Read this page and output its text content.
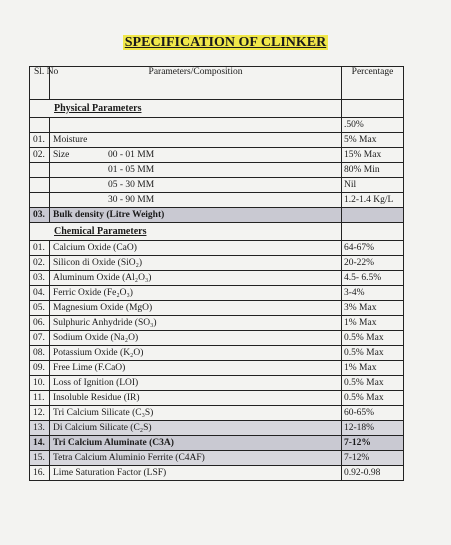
SPECIFICATION OF CLINKER
Sl. No	Parameters/Composition	Percentage
Physical Parameters		
		.50%
01.	Moisture	5% Max
02.	Size 00 - 01 MM	15% Max
	01 - 05 MM	80% Min
	05 - 30 MM	Nil
	30 - 90 MM	1.2-1.4 Kg/L
03.	Bulk density (Litre Weight)	
Chemical Parameters		
01.	Calcium Oxide (CaO)	64-67%
02.	Silicon di Oxide (SiO₂)	20-22%
03.	Aluminum Oxide (Al₂O₃)	4.5- 6.5%
04.	Ferric Oxide (Fe₂O₃)	3-4%
05.	Magnesium Oxide (MgO)	3% Max
06.	Sulphuric Anhydride (SO₃)	1% Max
07.	Sodium Oxide (Na₂O)	0.5% Max
08.	Potassium Oxide (K₂O)	0.5% Max
09.	Free Lime (F.CaO)	1% Max
10.	Loss of Ignition (LOI)	0.5% Max
11.	Insoluble Residue (IR)	0.5% Max
12.	Tri Calcium Silicate (C₃S)	60-65%
13.	Di Calcium Silicate (C₂S)	12-18%
14.	Tri Calcium Aluminate (C3A)	7-12%
15.	Tetra Calcium Aluminio Ferrite (C4AF)	7-12%
16.	Lime Saturation Factor (LSF)	0.92-0.98
